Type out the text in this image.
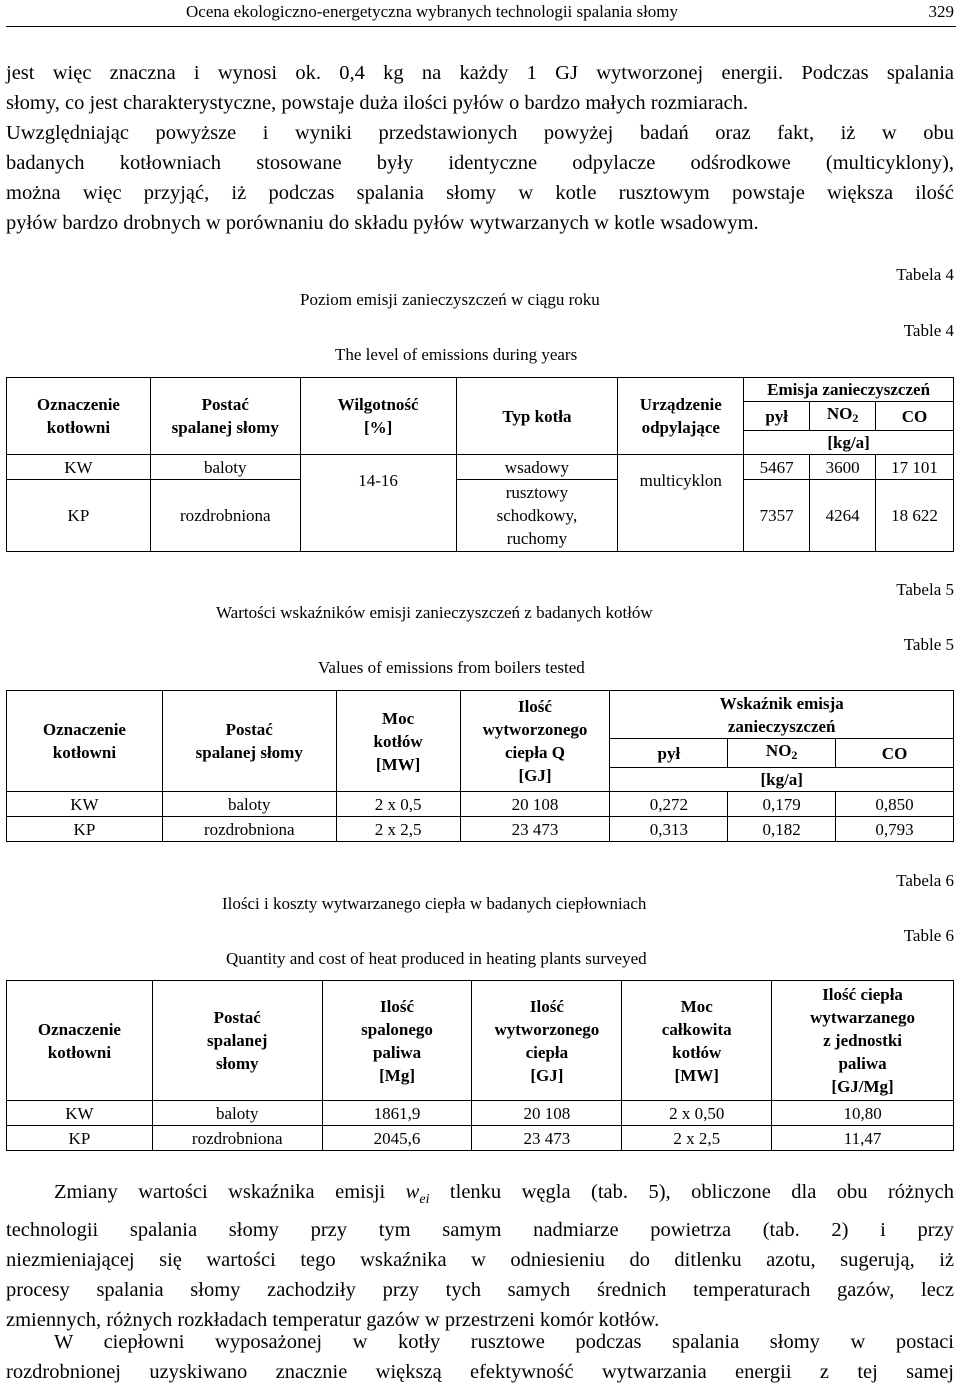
Ocena ekologiczno-energetyczna wybranych technologii spalania słomy	329
jest więc znaczna i wynosi ok. 0,4 kg na każdy 1 GJ wytworzonej energii. Podczas spalania
słomy, co jest charakterystyczne, powstaje duża ilości pyłów o bardzo małych rozmiarach.
Uwzględniając powyższe i wyniki przedstawionych powyżej badań oraz fakt, iż w obu
badanych kotłowniach stosowane były identyczne odpylacze odśrodkowe (multicyklony),
można więc przyjąć, iż podczas spalania słomy w kotle rusztowym powstaje większa ilość
pyłów bardzo drobnych w porównaniu do składu pyłów wytwarzanych w kotle wsadowym.
Tabela 4
Poziom emisji zanieczyszczeń w ciągu roku
Table 4
The level of emissions during years
Oznaczenie
kotłowni	Postać
spalanej słomy	Wilgotność
[%]	Typ kotła	Urządzenie
odpylające	Emisja zanieczyszczeń		
					pył	$NO_2$	CO
					[kg/a]		
KW	baloty	14-16	wsadowy	multicyklon	5467	3600	17 101
KP	rozdrobniona		rusztowy
schodkowy,
ruchomy		7357	4264	18 622
Tabela 5
Wartości wskaźników emisji zanieczyszczeń z badanych kotłów
Table 5
Values of emissions from boilers tested
Oznaczenie
kotłowni	Postać
spalanej słomy	Moc
kotłów
[MW]	Ilość
wytworzonego
ciepła Q
[GJ]	Wskaźnik emisja
zanieczyszczeń		
				pył	$NO_2$	CO
				[kg/a]		
KW	baloty	2 x 0,5	20 108	0,272	0,179	0,850
KP	rozdrobniona	2 x 2,5	23 473	0,313	0,182	0,793
Tabela 6
Ilości i koszty wytwarzanego ciepła w badanych ciepłowniach
Table 6
Quantity and cost of heat produced in heating plants surveyed
Oznaczenie
kotłowni	Postać
spalanej
słomy	Ilość
spalonego
paliwa
[Mg]	Ilość
wytworzonego
ciepła
[GJ]	Moc
całkowita
kotłów
[MW]	Ilość ciepła
wytwarzanego
z jednostki
paliwa
[GJ/Mg]
KW	baloty	1861,9	20 108	2 x 0,50	10,80
KP	rozdrobniona	2045,6	23 473	2 x 2,5	11,47
Zmiany wartości wskaźnika emisji $w_{ei}$ tlenku węgla (tab. 5), obliczone dla obu różnych
technologii spalania słomy przy tym samym nadmiarze powietrza (tab. 2) i przy
niezmieniającej się wartości tego wskaźnika w odniesieniu do ditlenku azotu, sugerują, iż
procesy spalania słomy zachodziły przy tych samych średnich temperaturach gazów, lecz
zmiennych, różnych rozkładach temperatur gazów w przestrzeni komór kotłów.
W ciepłowni wyposażonej w kotły rusztowe podczas spalania słomy w postaci
rozdrobnionej uzyskiwano znacznie większą efektywność wytwarzania energii z tej samej
